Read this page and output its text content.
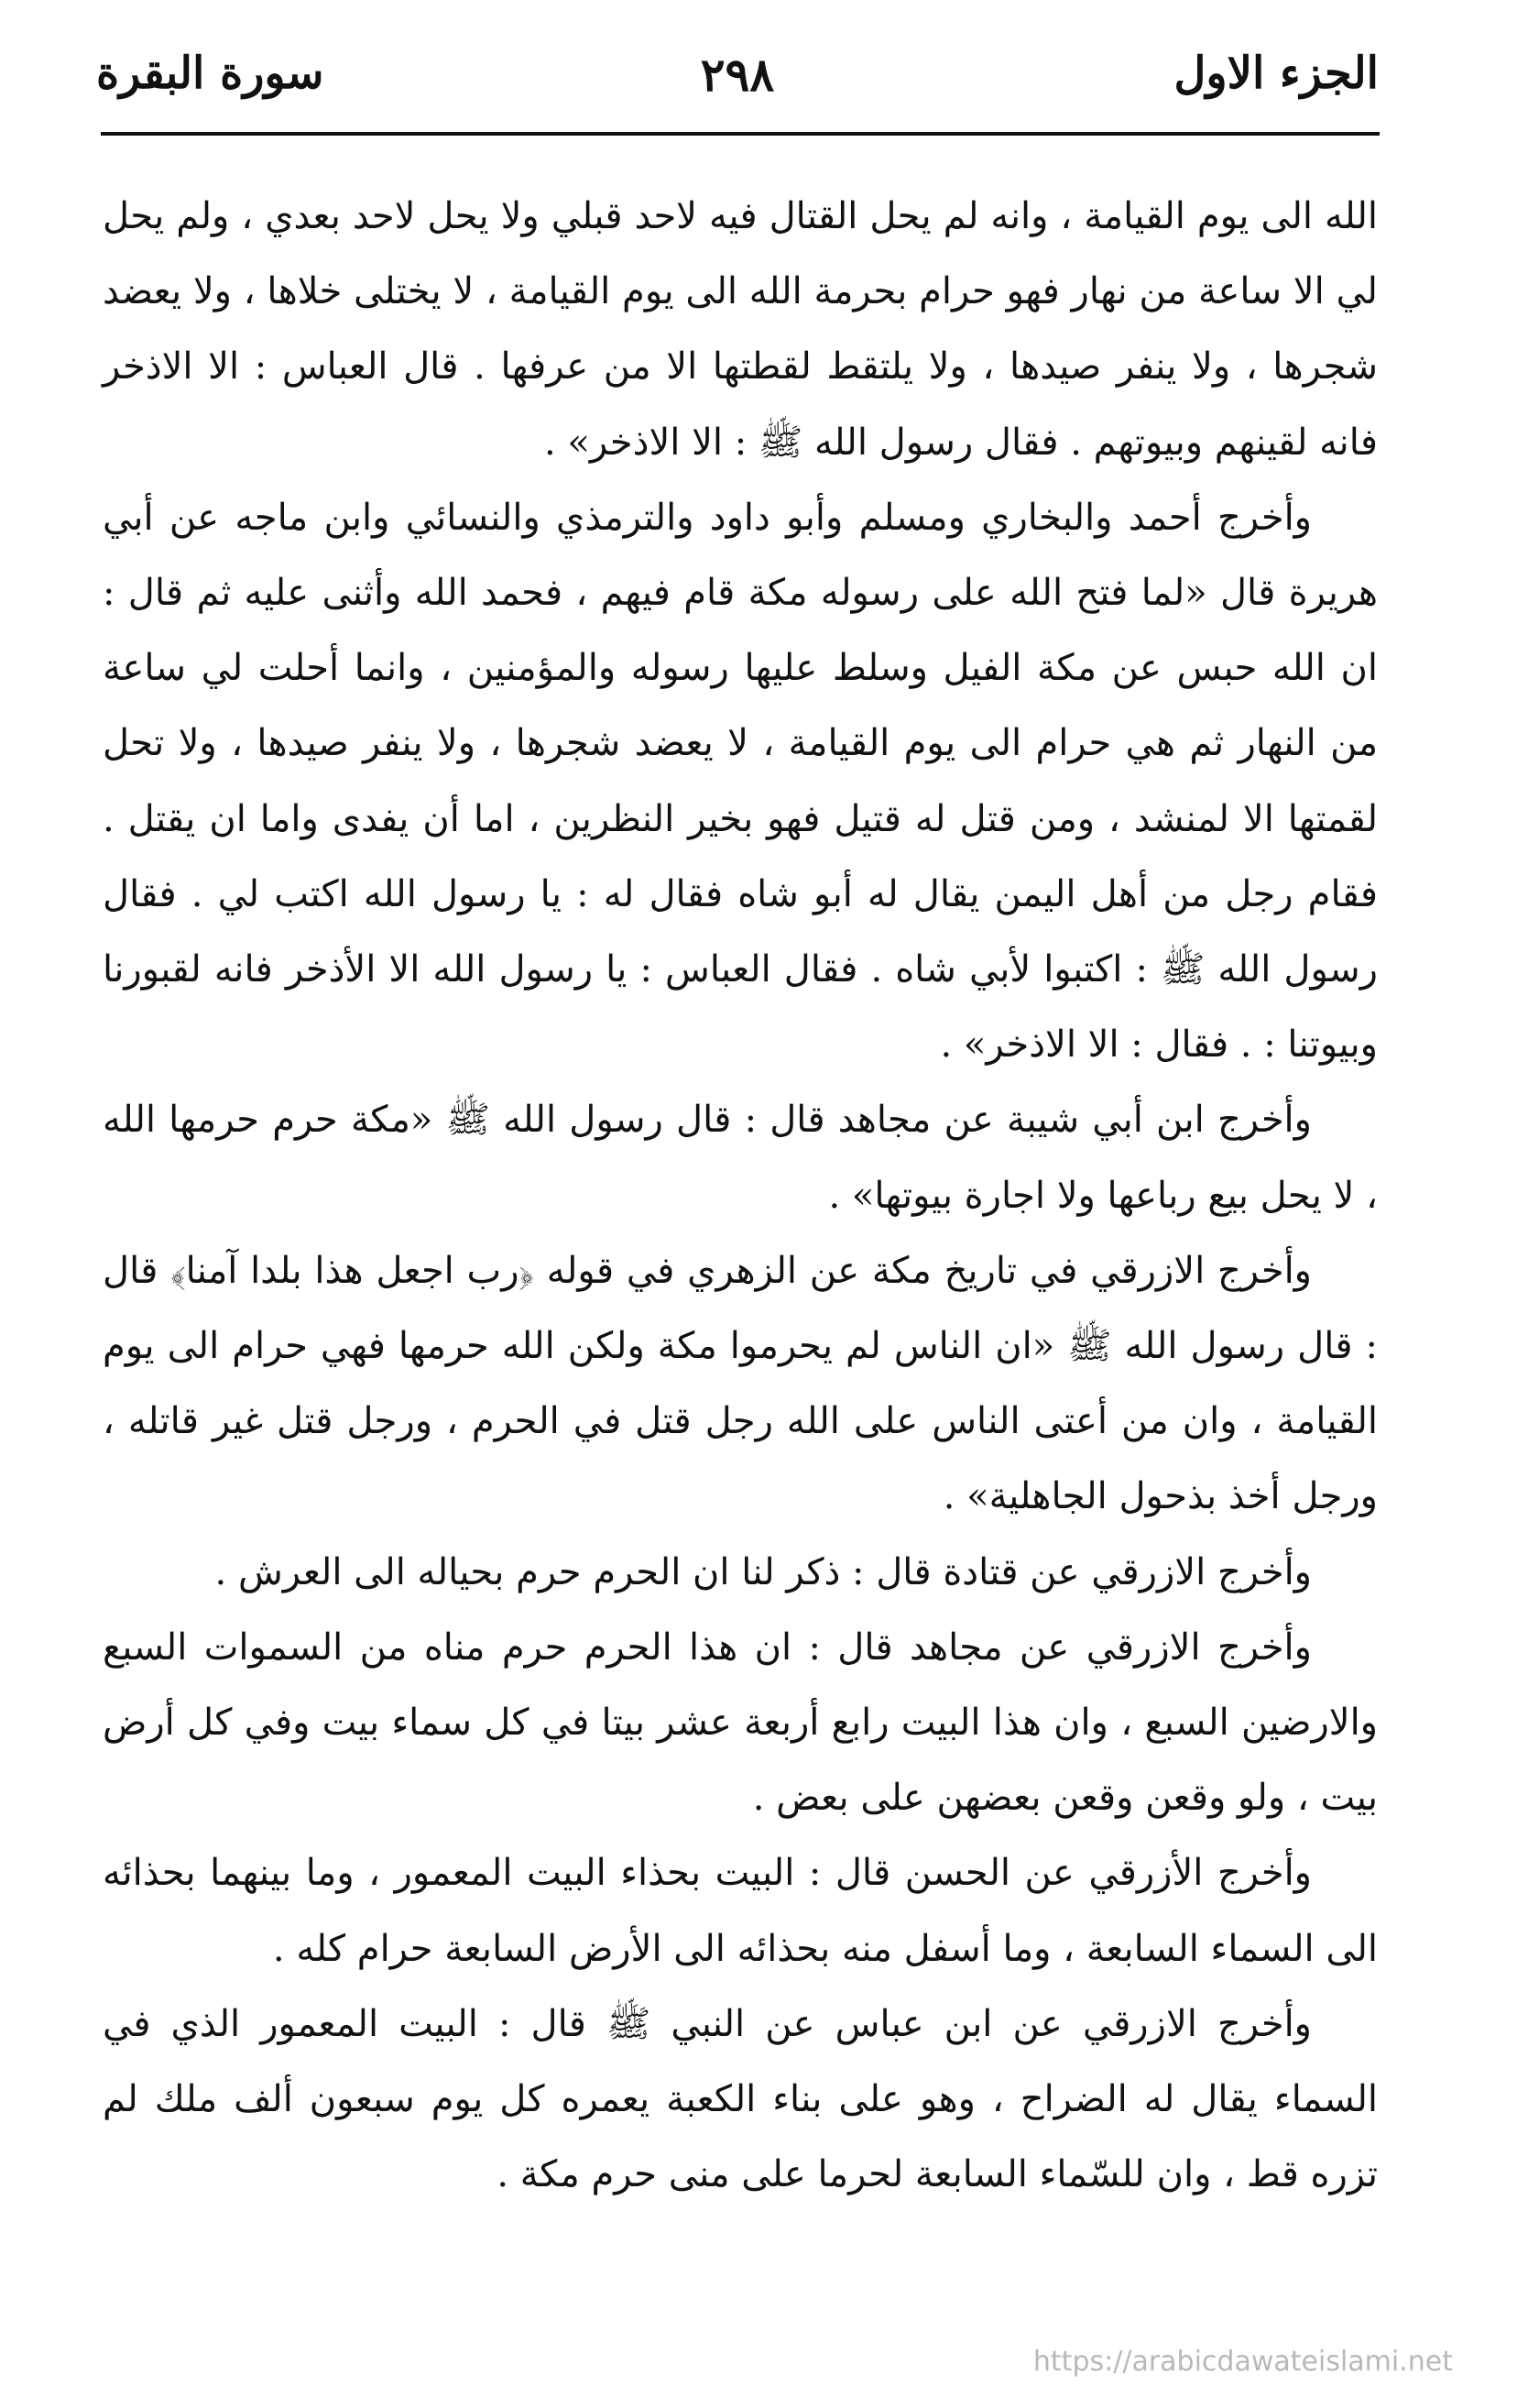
الجزء الاول
٢٩٨
سورة البقرة

الله الى يوم القيامة ، وانه لم يحل القتال فيه لاحد قبلي ولا يحل لاحد بعدي ، ولم يحل لي الا ساعة من نهار فهو حرام بحرمة الله الى يوم القيامة ، لا يختلى خلاها ، ولا يعضد شجرها ، ولا ينفر صيدها ، ولا يلتقط لقطتها الا من عرفها . قال العباس : الا الاذخر فانه لقينهم وبيوتهم . فقال رسول الله ﷺ : الا الاذخر» .

وأخرج أحمد والبخاري ومسلم وأبو داود والترمذي والنسائي وابن ماجه عن أبي هريرة قال «لما فتح الله على رسوله مكة قام فيهم ، فحمد الله وأثنى عليه ثم قال : ان الله حبس عن مكة الفيل وسلط عليها رسوله والمؤمنين ، وانما أحلت لي ساعة من النهار ثم هي حرام الى يوم القيامة ، لا يعضد شجرها ، ولا ينفر صيدها ، ولا تحل لقمتها الا لمنشد ، ومن قتل له قتيل فهو بخير النظرين ، اما أن يفدى واما ان يقتل . فقام رجل من أهل اليمن يقال له أبو شاه فقال له : يا رسول الله اكتب لي . فقال رسول الله ﷺ : اكتبوا لأبي شاه . فقال العباس : يا رسول الله الا الأذخر فانه لقبورنا وبيوتنا : . فقال : الا الاذخر» .

وأخرج ابن أبي شيبة عن مجاهد قال : قال رسول الله ﷺ «مكة حرم حرمها الله ، لا يحل بيع رباعها ولا اجارة بيوتها» .

وأخرج الازرقي في تاريخ مكة عن الزهري في قوله ﴿رب اجعل هذا بلدا آمنا﴾ قال : قال رسول الله ﷺ «ان الناس لم يحرموا مكة ولكن الله حرمها فهي حرام الى يوم القيامة ، وان من أعتى الناس على الله رجل قتل في الحرم ، ورجل قتل غير قاتله ، ورجل أخذ بذحول الجاهلية» .

وأخرج الازرقي عن قتادة قال : ذكر لنا ان الحرم حرم بحياله الى العرش .

وأخرج الازرقي عن مجاهد قال : ان هذا الحرم حرم مناه من السموات السبع والارضين السبع ، وان هذا البيت رابع أربعة عشر بيتا في كل سماء بيت وفي كل أرض بيت ، ولو وقعن وقعن بعضهن على بعض .

وأخرج الأزرقي عن الحسن قال : البيت بحذاء البيت المعمور ، وما بينهما بحذائه الى السماء السابعة ، وما أسفل منه بحذائه الى الأرض السابعة حرام كله .

وأخرج الازرقي عن ابن عباس عن النبي ﷺ قال : البيت المعمور الذي في السماء يقال له الضراح ، وهو على بناء الكعبة يعمره كل يوم سبعون ألف ملك لم تزره قط ، وان للسّماء السابعة لحرما على منى حرم مكة .

https://arabicdawateislami.net
